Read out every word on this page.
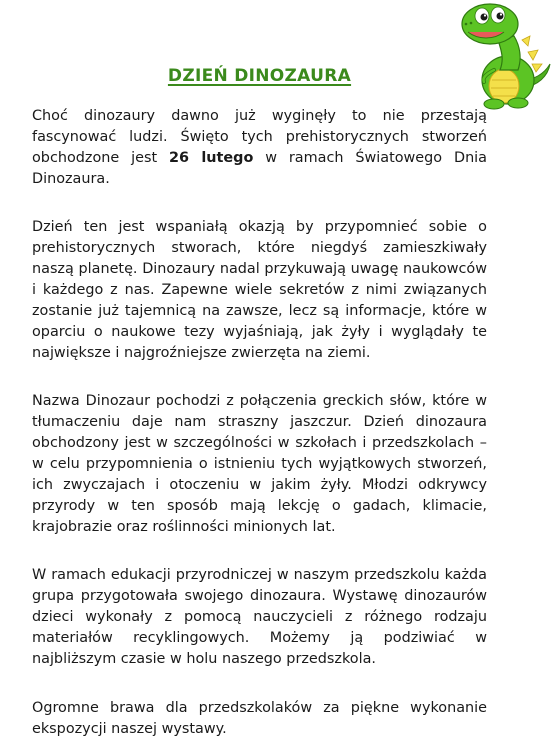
DZIEŃ DINOZAURA

Choć dinozaury dawno już wyginęły to nie przestają fascynować ludzi. Święto tych prehistorycznych stworzeń obchodzone jest 26 lutego w ramach Światowego Dnia Dinozaura.

Dzień ten jest wspaniałą okazją by przypomnieć sobie o prehistorycznych stworach, które niegdyś zamieszkiwały naszą planetę. Dinozaury nadal przykuwają uwagę naukowców i każdego z nas. Zapewne wiele sekretów z nimi związanych zostanie już tajemnicą na zawsze, lecz są informacje, które w oparciu o naukowe tezy wyjaśniają, jak żyły i wyglądały te największe i najgroźniejsze zwierzęta na ziemi.

Nazwa Dinozaur pochodzi z połączenia greckich słów, które w tłumaczeniu daje nam straszny jaszczur. Dzień dinozaura obchodzony jest w szczególności w szkołach i przedszkolach – w celu przypomnienia o istnieniu tych wyjątkowych stworzeń, ich zwyczajach i otoczeniu w jakim żyły. Młodzi odkrywcy przyrody w ten sposób mają lekcję o gadach, klimacie, krajobrazie oraz roślinności minionych lat.

W ramach edukacji przyrodniczej w naszym przedszkolu każda grupa przygotowała swojego dinozaura. Wystawę dinozaurów dzieci wykonały z pomocą nauczycieli z różnego rodzaju materiałów recyklingowych. Możemy ją podziwiać w najbliższym czasie w holu naszego przedszkola.

Ogromne brawa dla przedszkolaków za piękne wykonanie ekspozycji naszej wystawy.
